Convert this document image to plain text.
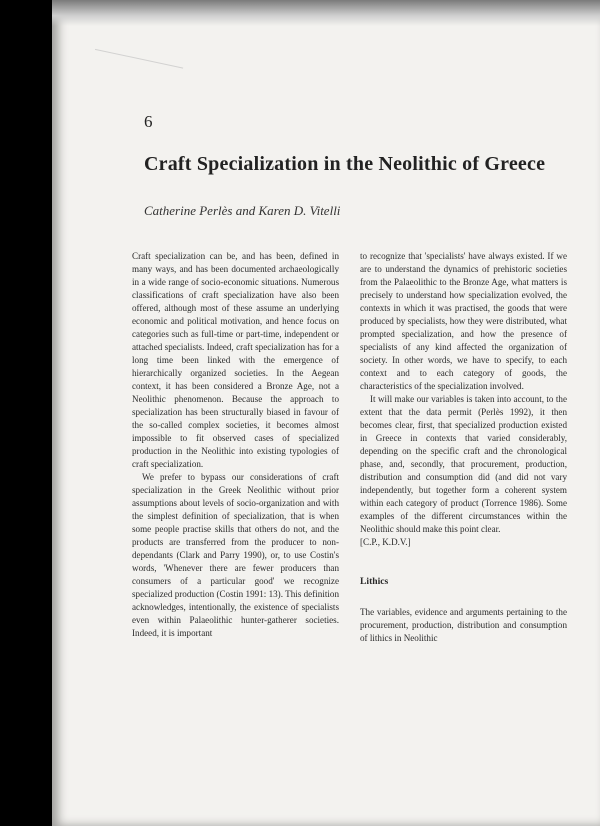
6
Craft Specialization in the Neolithic of Greece
Catherine Perlès and Karen D. Vitelli

Craft specialization can be, and has been, defined in many ways, and has been documented archaeologically in a wide range of socio-economic situations. Numerous classifications of craft specialization have also been offered, although most of these assume an underlying economic and political motivation, and hence focus on categories such as full-time or part-time, independent or attached specialists. Indeed, craft specialization has for a long time been linked with the emergence of hierarchically organized societies. In the Aegean context, it has been considered a Bronze Age, not a Neolithic phenomenon. Because the approach to specialization has been structurally biased in favour of the so-called complex societies, it becomes almost impossible to fit observed cases of specialized production in the Neolithic into existing typologies of craft specialization.

We prefer to bypass our considerations of craft specialization in the Greek Neolithic without prior assumptions about levels of socio-organization and with the simplest definition of specialization, that is when some people practise skills that others do not, and the products are transferred from the producer to non-dependants (Clark and Parry 1990), or, to use Costin's words, 'Whenever there are fewer producers than consumers of a particular good' we recognize specialized production (Costin 1991: 13). This definition acknowledges, intentionally, the existence of specialists even within Palaeolithic hunter-gatherer societies. Indeed, it is important

to recognize that 'specialists' have always existed. If we are to understand the dynamics of prehistoric societies from the Palaeolithic to the Bronze Age, what matters is precisely to understand how specialization evolved, the contexts in which it was practised, the goods that were produced by specialists, how they were distributed, what prompted specialization, and how the presence of specialists of any kind affected the organization of society. In other words, we have to specify, to each context and to each category of goods, the characteristics of the specialization involved.

It will make our variables is taken into account, to the extent that the data permit (Perlès 1992), it then becomes clear, first, that specialized production existed in Greece in contexts that varied considerably, depending on the specific craft and the chronological phase, and, secondly, that procurement, production, distribution and consumption did (and did not vary independently, but together form a coherent system within each category of product (Torrence 1986). Some examples of the different circumstances within the Neolithic should make this point clear.

[C.P., K.D.V.]

Lithics

The variables, evidence and arguments pertaining to the procurement, production, distribution and consumption of lithics in Neolithic
